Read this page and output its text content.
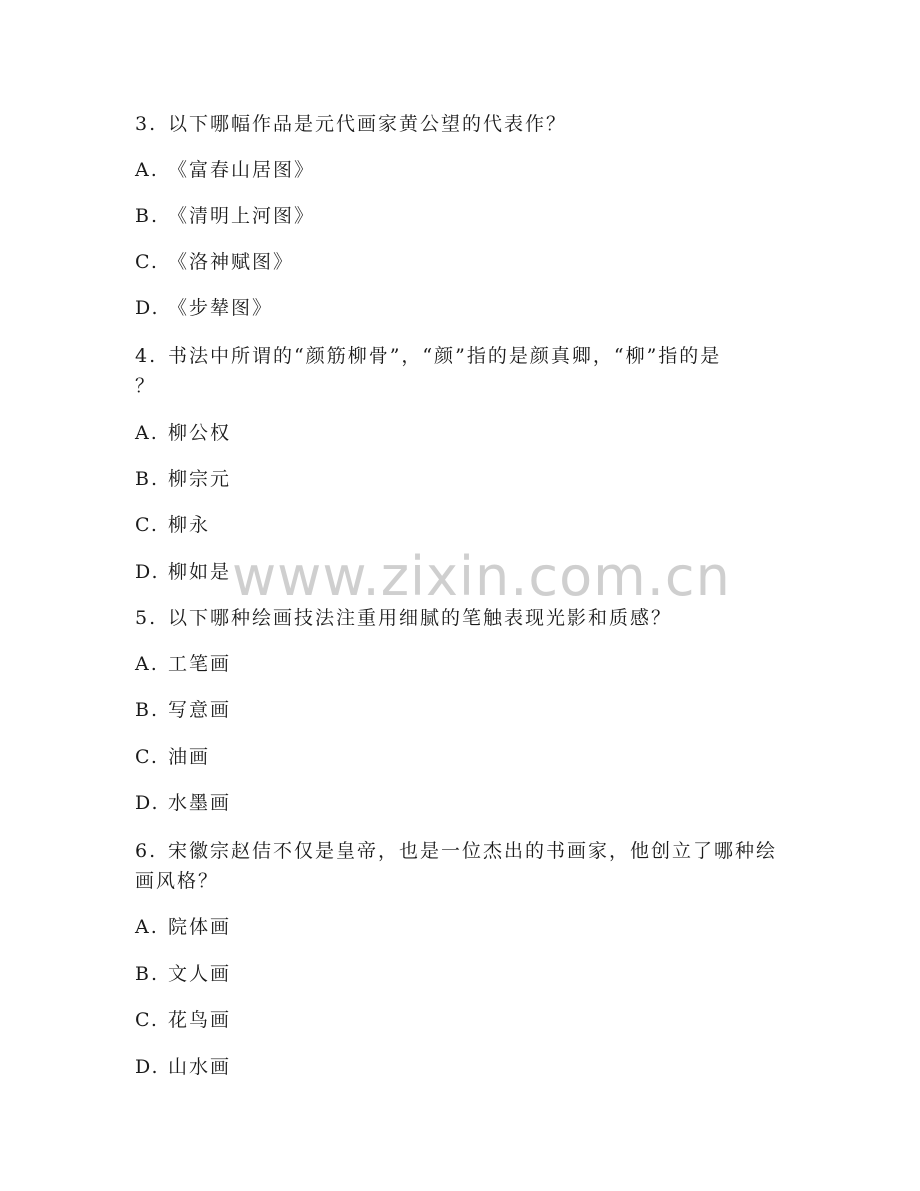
3. 以下哪幅作品是元代画家黄公望的代表作？
A. 《富春山居图》
B. 《清明上河图》
C. 《洛神赋图》
D. 《步辇图》
4. 书法中所谓的“颜筋柳骨”，“颜”指的是颜真卿，“柳”指的是
？
A. 柳公权
B. 柳宗元
C. 柳永
D. 柳如是
5. 以下哪种绘画技法注重用细腻的笔触表现光影和质感？
A. 工笔画
B. 写意画
C. 油画
D. 水墨画
6. 宋徽宗赵佶不仅是皇帝，也是一位杰出的书画家，他创立了哪种绘
画风格？
A. 院体画
B. 文人画
C. 花鸟画
D. 山水画
www.zixin.com.cn
